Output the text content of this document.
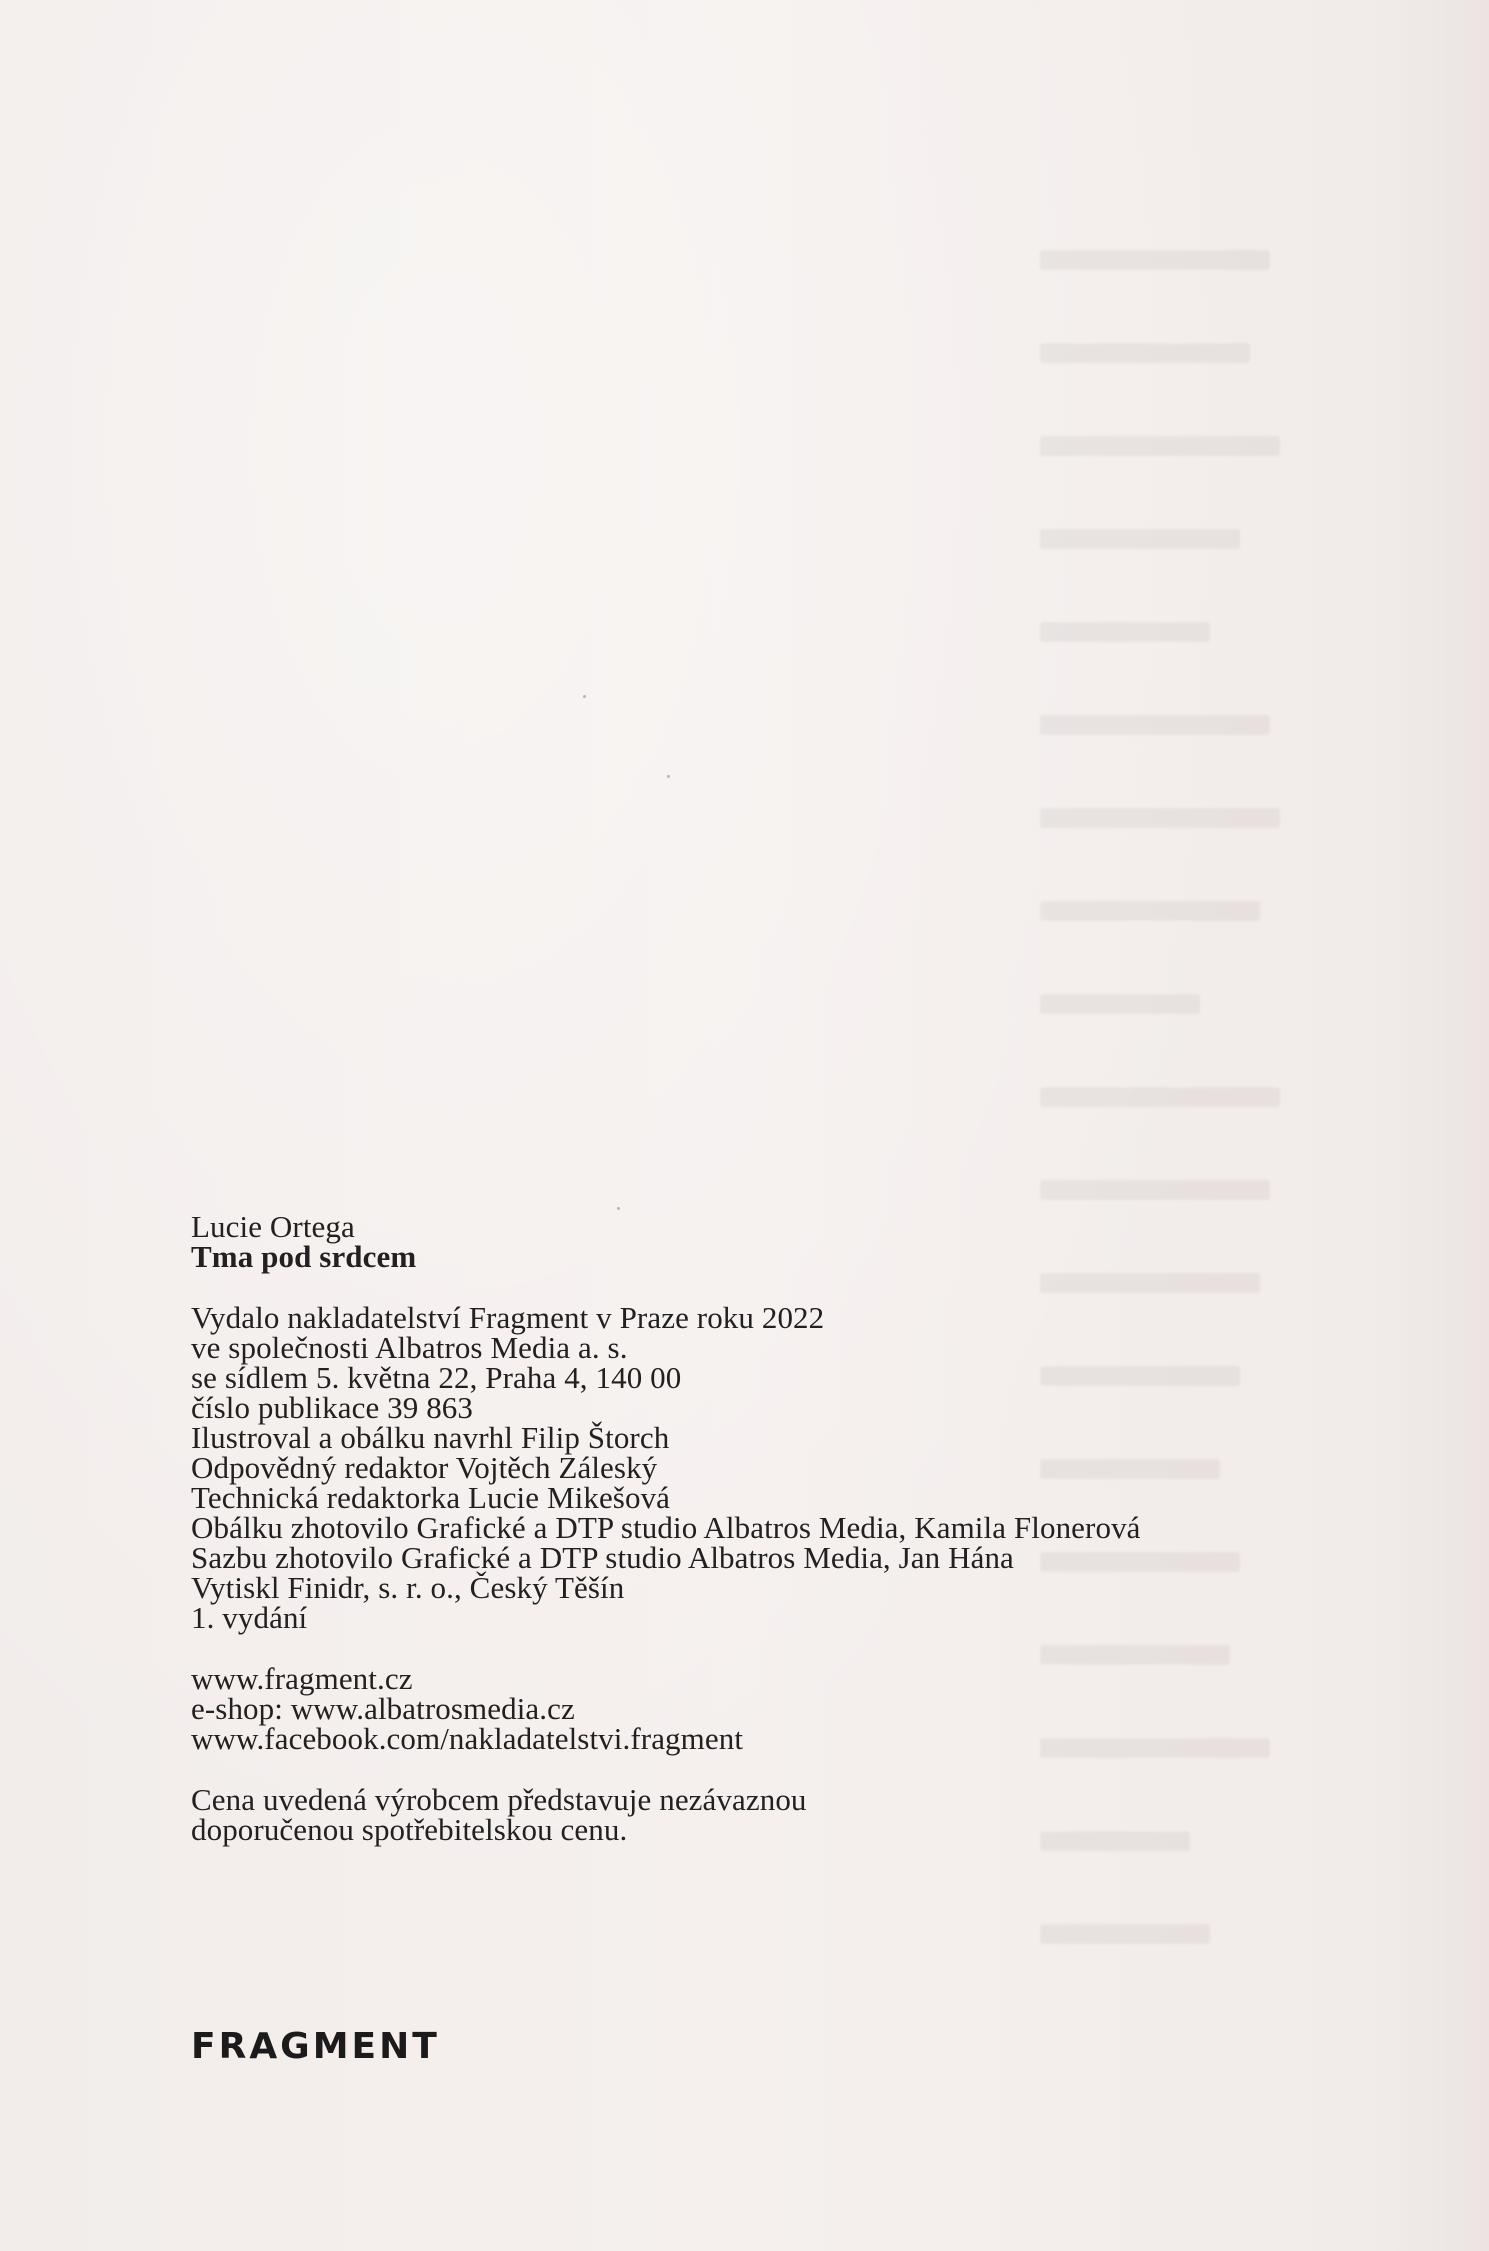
Lucie Ortega
Tma pod srdcem
Vydalo nakladatelství Fragment v Praze roku 2022
ve společnosti Albatros Media a. s.
se sídlem 5. května 22, Praha 4, 140 00
číslo publikace 39 863
Ilustroval a obálku navrhl Filip Štorch
Odpovědný redaktor Vojtěch Záleský
Technická redaktorka Lucie Mikešová
Obálku zhotovilo Grafické a DTP studio Albatros Media, Kamila Flonerová
Sazbu zhotovilo Grafické a DTP studio Albatros Media, Jan Hána
Vytiskl Finidr, s. r. o., Český Těšín
1. vydání
www.fragment.cz
e-shop: www.albatrosmedia.cz
www.facebook.com/nakladatelstvi.fragment
Cena uvedená výrobcem představuje nezávaznou
doporučenou spotřebitelskou cenu.
FRAGMENT
